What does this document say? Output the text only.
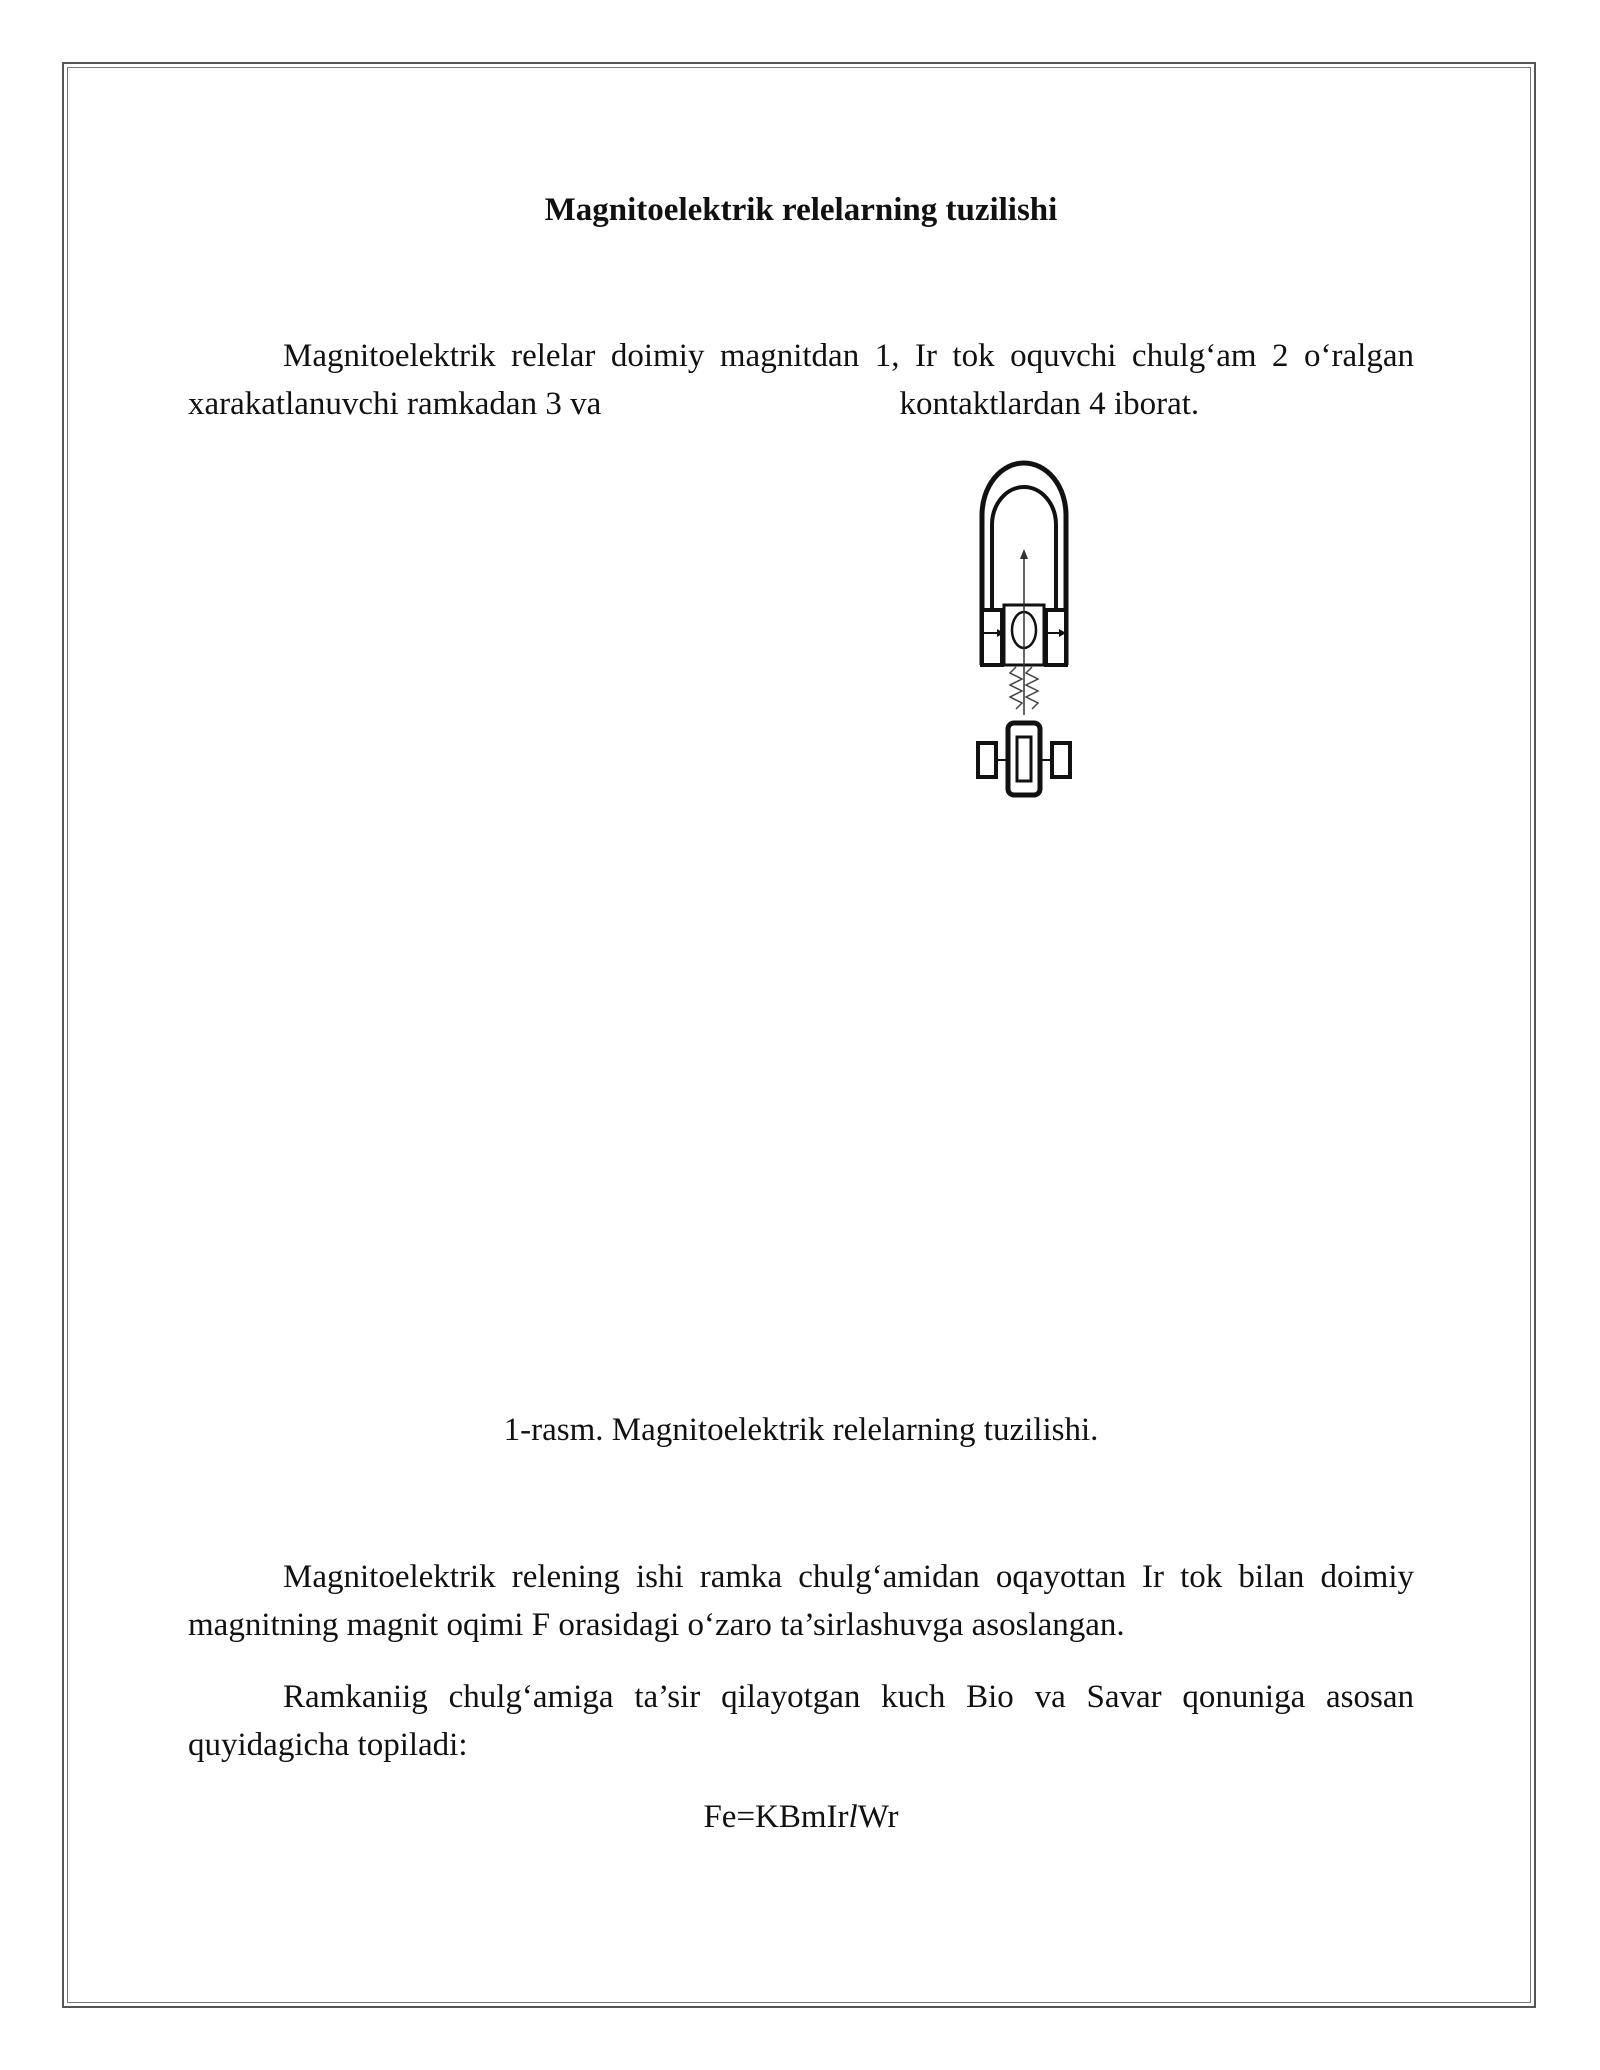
Magnitoelektrik relelarning tuzilishi

Magnitoelektrik relelar doimiy magnitdan 1, Ir tok oquvchi chulg‘am 2 o‘ralgan xarakatlanuvchi ramkadan 3 va	kontaktlardan 4 iborat.

1-rasm. Magnitoelektrik relelarning tuzilishi.

Magnitoelektrik relening ishi ramka chulg‘amidan oqayottan Ir tok bilan doimiy magnitning magnit oqimi F orasidagi o‘zaro ta’sirlashuvga asoslangan.

Ramkaniig chulg‘amiga ta’sir qilayotgan kuch Bio va Savar qonuniga asosan quyidagicha topiladi:

Fe=KBmIrlWr
